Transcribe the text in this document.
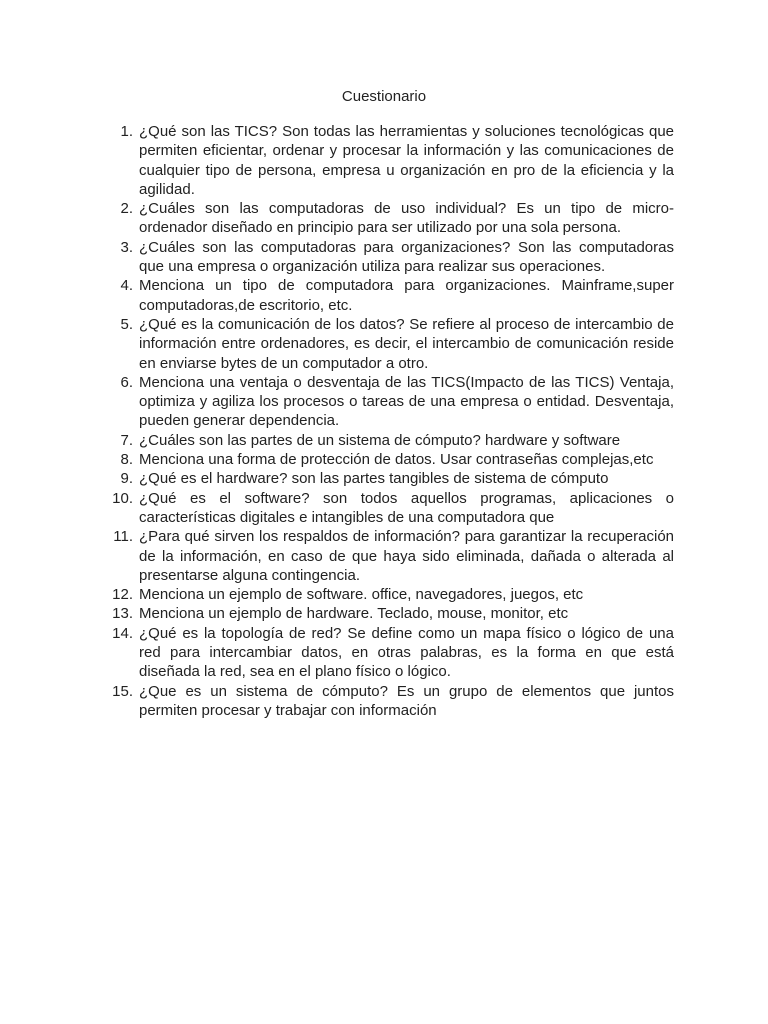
Cuestionario
1. ¿Qué son las TICS? Son todas las herramientas y soluciones tecnológicas que permiten eficientar, ordenar y procesar la información y las comunicaciones de cualquier tipo de persona, empresa u organización en pro de la eficiencia y la agilidad.
2. ¿Cuáles son las computadoras de uso individual? Es un tipo de micro-ordenador diseñado en principio para ser utilizado por una sola persona.
3. ¿Cuáles son las computadoras para organizaciones? Son las computadoras que una empresa o organización utiliza para realizar sus operaciones.
4. Menciona un tipo de computadora para organizaciones. Mainframe,super computadoras,de escritorio, etc.
5. ¿Qué es la comunicación de los datos? Se refiere al proceso de intercambio de información entre ordenadores, es decir, el intercambio de comunicación reside en enviarse bytes de un computador a otro.
6. Menciona una ventaja o desventaja de las TICS(Impacto de las TICS) Ventaja, optimiza y agiliza los procesos o tareas de una empresa o entidad. Desventaja, pueden generar dependencia.
7. ¿Cuáles son las partes de un sistema de cómputo? hardware y software
8. Menciona una forma de protección de datos. Usar contraseñas complejas,etc
9. ¿Qué es el hardware? son las partes tangibles de sistema de cómputo
10. ¿Qué es el software? son todos aquellos programas, aplicaciones o características digitales e intangibles de una computadora que
11. ¿Para qué sirven los respaldos de información? para garantizar la recuperación de la información, en caso de que haya sido eliminada, dañada o alterada al presentarse alguna contingencia.
12. Menciona un ejemplo de software. office, navegadores, juegos, etc
13. Menciona un ejemplo de hardware. Teclado, mouse, monitor, etc
14. ¿Qué es la topología de red? Se define como un mapa físico o lógico de una red para intercambiar datos, en otras palabras, es la forma en que está diseñada la red, sea en el plano físico o lógico.
15. ¿Que es un sistema de cómputo? Es un grupo de elementos que juntos permiten procesar y trabajar con información
